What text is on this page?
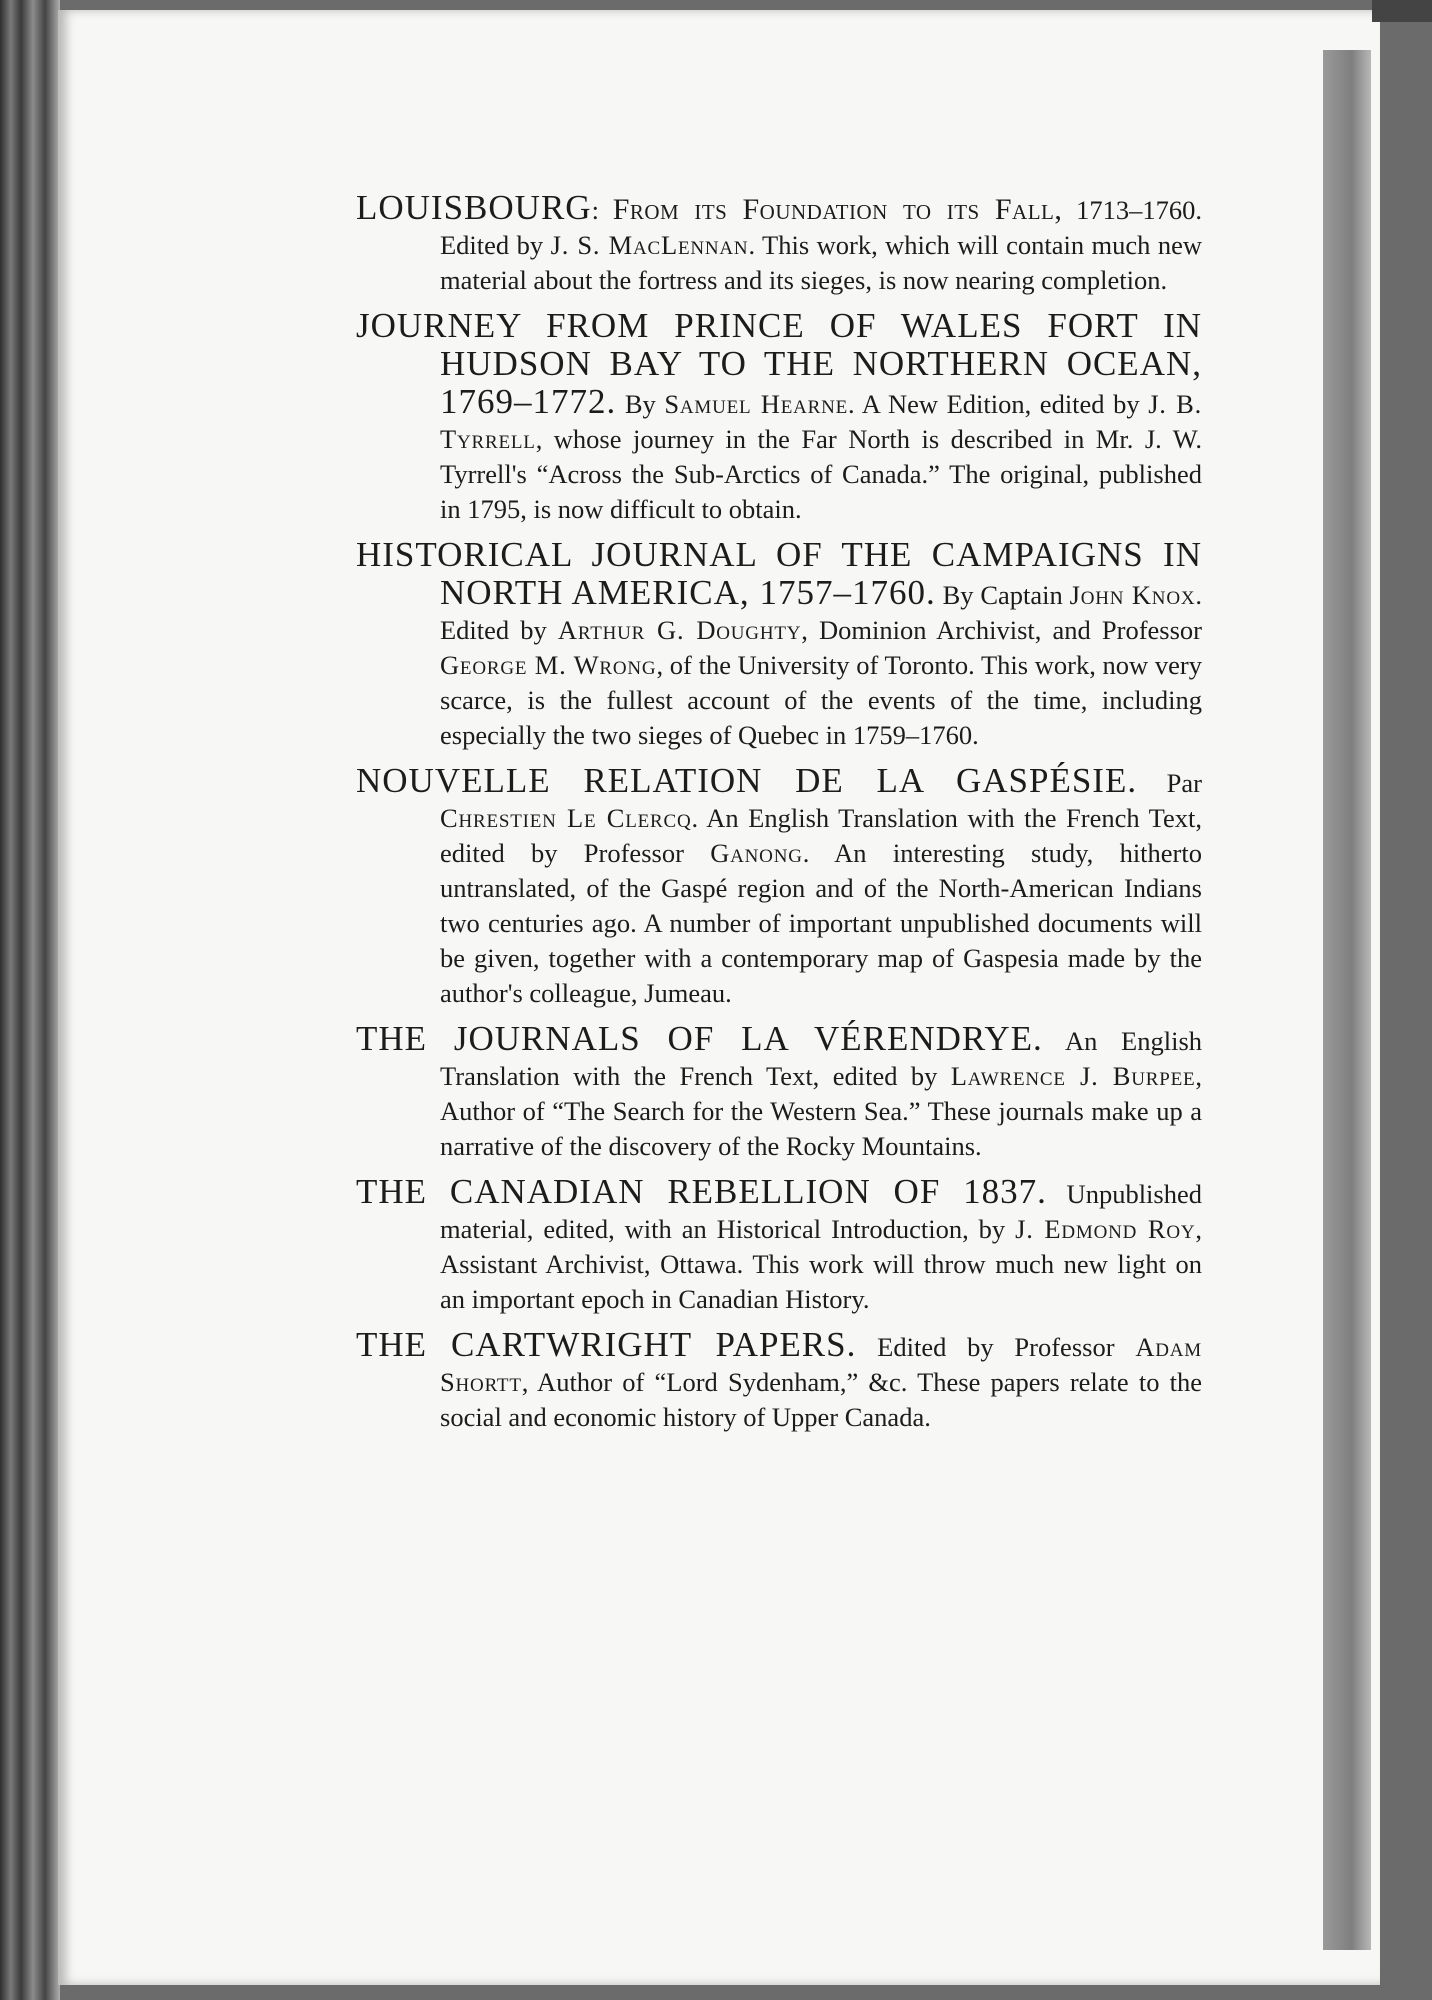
LOUISBOURG: From its Foundation to its Fall, 1713–1760. Edited by J. S. MacLennan. This work, which will contain much new material about the fortress and its sieges, is now nearing completion.

JOURNEY FROM PRINCE OF WALES FORT IN HUDSON BAY TO THE NORTHERN OCEAN, 1769–1772. By Samuel Hearne. A New Edition, edited by J. B. Tyrrell, whose journey in the Far North is described in Mr. J. W. Tyrrell's “Across the Sub-Arctics of Canada.” The original, published in 1795, is now difficult to obtain.

HISTORICAL JOURNAL OF THE CAMPAIGNS IN NORTH AMERICA, 1757–1760. By Captain John Knox. Edited by Arthur G. Doughty, Dominion Archivist, and Professor George M. Wrong, of the University of Toronto. This work, now very scarce, is the fullest account of the events of the time, including especially the two sieges of Quebec in 1759–1760.

NOUVELLE RELATION DE LA GASPÉSIE. Par Chrestien Le Clercq. An English Translation with the French Text, edited by Professor Ganong. An interesting study, hitherto untranslated, of the Gaspé region and of the North-American Indians two centuries ago. A number of important unpublished documents will be given, together with a contemporary map of Gaspesia made by the author's colleague, Jumeau.

THE JOURNALS OF LA VÉRENDRYE. An English Translation with the French Text, edited by Lawrence J. Burpee, Author of “The Search for the Western Sea.” These journals make up a narrative of the discovery of the Rocky Mountains.

THE CANADIAN REBELLION OF 1837. Unpublished material, edited, with an Historical Introduction, by J. Edmond Roy, Assistant Archivist, Ottawa. This work will throw much new light on an important epoch in Canadian History.

THE CARTWRIGHT PAPERS. Edited by Professor Adam Shortt, Author of “Lord Sydenham,” &c. These papers relate to the social and economic history of Upper Canada.
